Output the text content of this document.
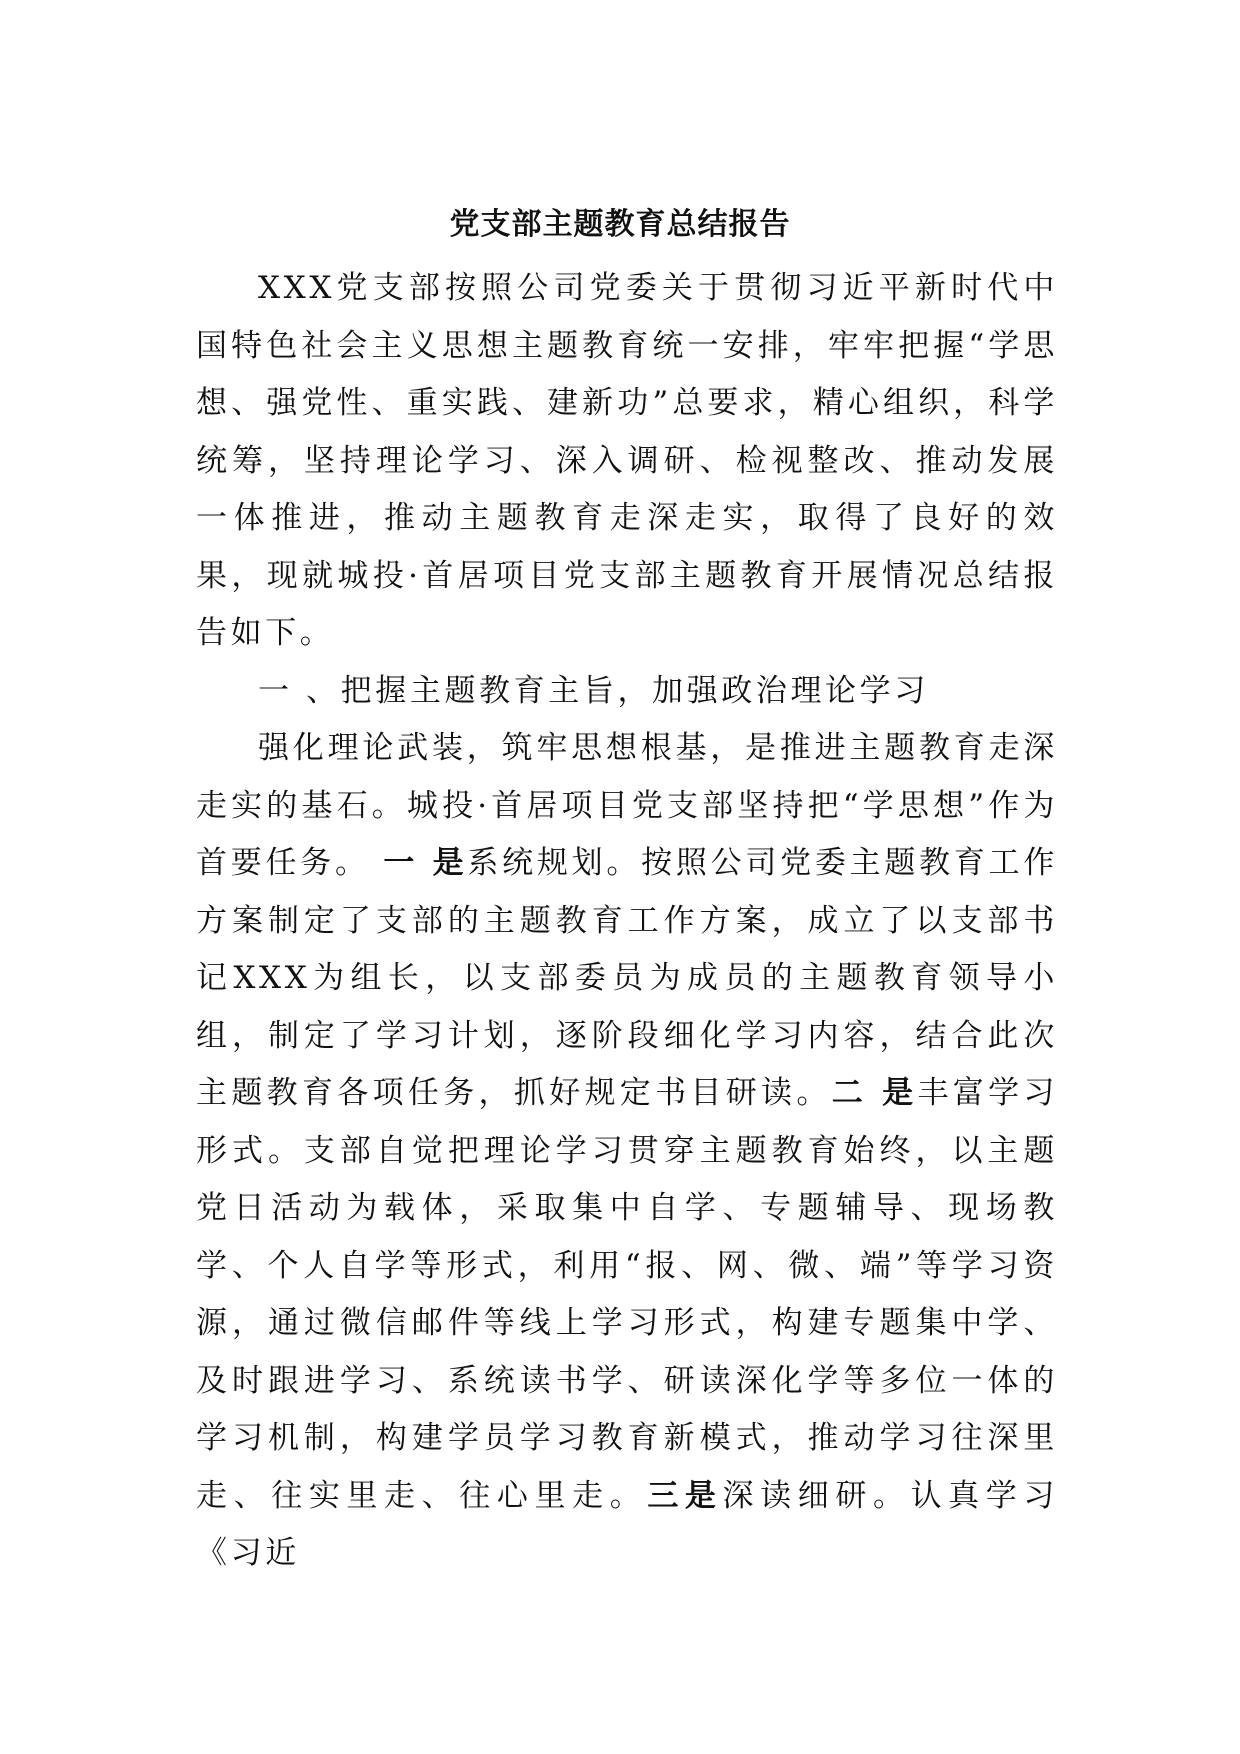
党支部主题教育总结报告

XXX党支部按照公司党委关于贯彻习近平新时代中国特色社会主义思想主题教育统一安排，牢牢把握“学思想、强党性、重实践、建新功”总要求，精心组织，科学统筹，坚持理论学习、深入调研、检视整改、推动发展一体推进，推动主题教育走深走实，取得了良好的效果，现就城投·首居项目党支部主题教育开展情况总结报告如下。

一 、把握主题教育主旨，加强政治理论学习

强化理论武装，筑牢思想根基，是推进主题教育走深走实的基石。城投·首居项目党支部坚持把“学思想”作为首要任务。 一 是系统规划。按照公司党委主题教育工作方案制定了支部的主题教育工作方案，成立了以支部书记XXX为组长，以支部委员为成员的主题教育领导小组，制定了学习计划，逐阶段细化学习内容，结合此次主题教育各项任务，抓好规定书目研读。二 是丰富学习形式。支部自觉把理论学习贯穿主题教育始终，以主题党日活动为载体，采取集中自学、专题辅导、现场教学、个人自学等形式，利用“报、网、微、端”等学习资源，通过微信邮件等线上学习形式，构建专题集中学、及时跟进学习、系统读书学、研读深化学等多位一体的学习机制，构建学员学习教育新模式，推动学习往深里走、往实里走、往心里走。三是深读细研。认真学习《习近
